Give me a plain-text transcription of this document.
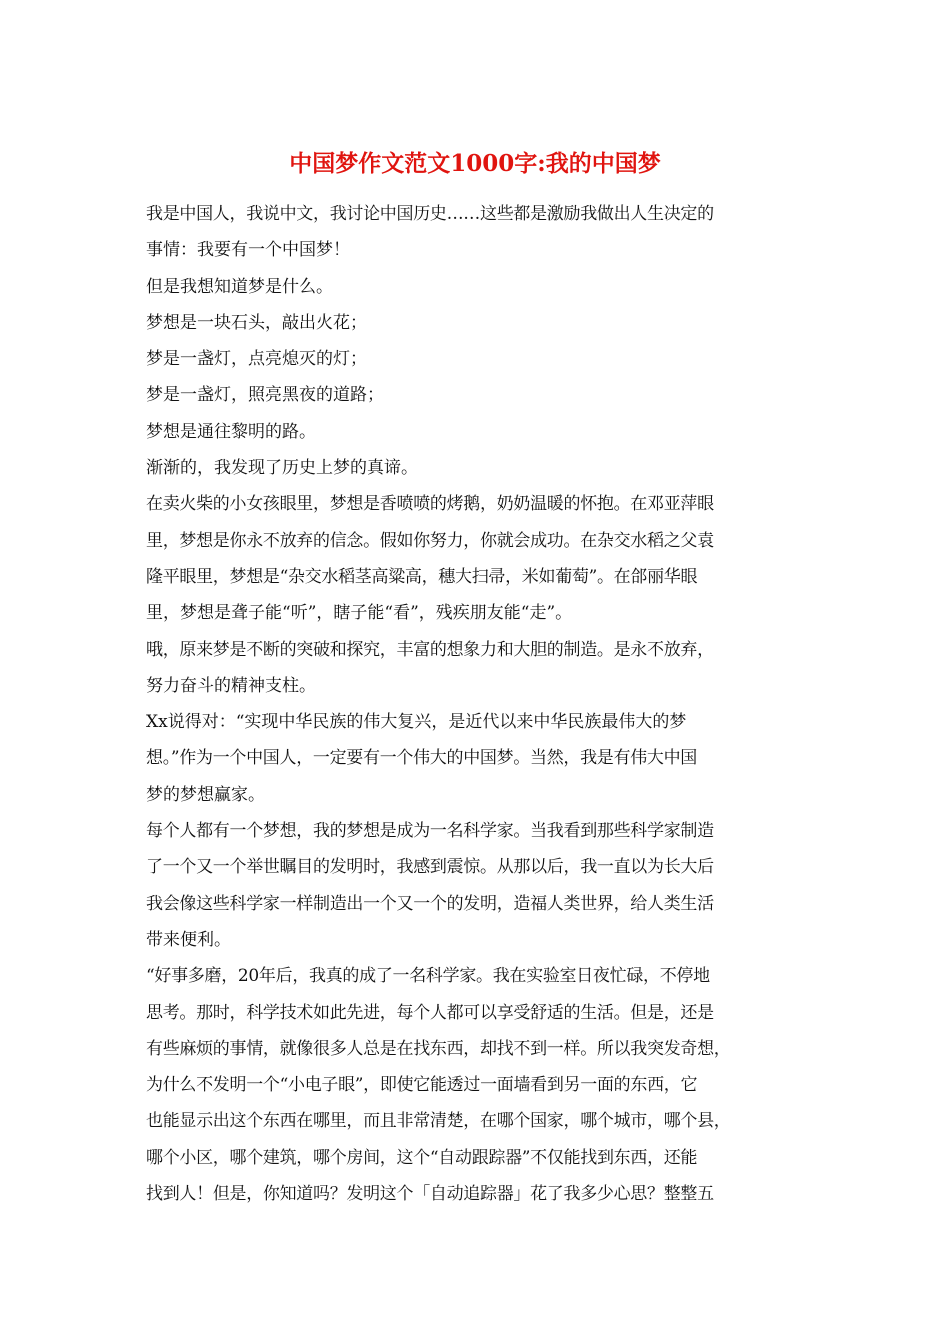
中国梦作文范文1000字:我的中国梦
我是中国人，我说中文，我讨论中国历史……这些都是激励我做出人生决定的
事情：我要有一个中国梦！
但是我想知道梦是什么。
梦想是一块石头，敲出火花；
梦是一盏灯，点亮熄灭的灯；
梦是一盏灯，照亮黑夜的道路；
梦想是通往黎明的路。
渐渐的，我发现了历史上梦的真谛。
在卖火柴的小女孩眼里，梦想是香喷喷的烤鹅，奶奶温暖的怀抱。在邓亚萍眼
里，梦想是你永不放弃的信念。假如你努力，你就会成功。在杂交水稻之父袁
隆平眼里，梦想是“杂交水稻茎高粱高，穗大扫帚，米如葡萄”。在郃丽华眼
里，梦想是聋子能“听”，瞎子能“看”，残疾朋友能“走”。
哦，原来梦是不断的突破和探究，丰富的想象力和大胆的制造。是永不放弃，
努力奋斗的精神支柱。
Xx说得对：“实现中华民族的伟大复兴，是近代以来中华民族最伟大的梦
想。”作为一个中国人，一定要有一个伟大的中国梦。当然，我是有伟大中国
梦的梦想赢家。
每个人都有一个梦想，我的梦想是成为一名科学家。当我看到那些科学家制造
了一个又一个举世瞩目的发明时，我感到震惊。从那以后，我一直以为长大后
我会像这些科学家一样制造出一个又一个的发明，造福人类世界，给人类生活
带来便利。
“好事多磨，20年后，我真的成了一名科学家。我在实验室日夜忙碌，不停地
思考。那时，科学技术如此先进，每个人都可以享受舒适的生活。但是，还是
有些麻烦的事情，就像很多人总是在找东西，却找不到一样。所以我突发奇想，
为什么不发明一个“小电子眼”，即使它能透过一面墙看到另一面的东西，它
也能显示出这个东西在哪里，而且非常清楚，在哪个国家，哪个城市，哪个县，
哪个小区，哪个建筑，哪个房间，这个“自动跟踪器”不仅能找到东西，还能
找到人！但是，你知道吗？发明这个「自动追踪器」花了我多少心思？整整五
